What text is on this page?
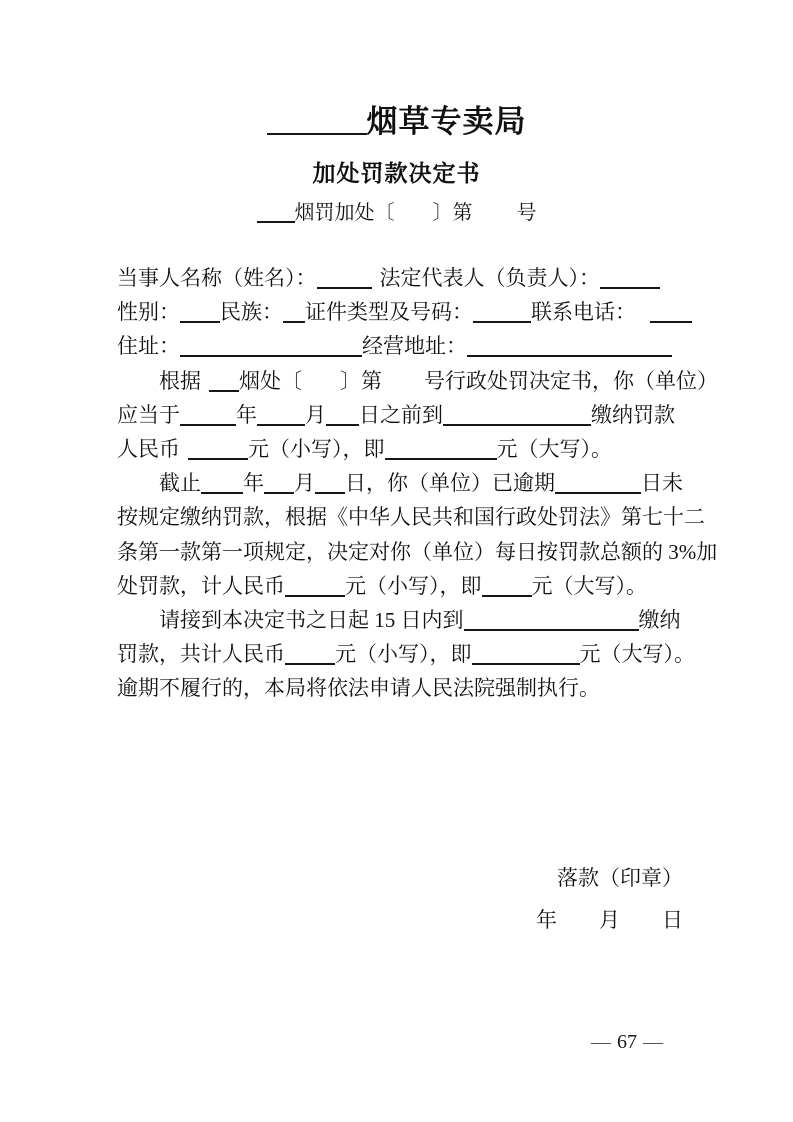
烟草专卖局
加处罚款决定书
烟罚加处〔 〕第 号
当事人名称（姓名）：	法定代表人（负责人）：
性别： 民族： 证件类型及号码：	联系电话：
住址：	经营地址：
根据 烟处〔 〕第 号行政处罚决定书，你（单位）
应当于	年 月 日之前到	缴纳罚款
人民币	元（小写），即	元（大写）。
截止 年 月 日，你（单位）已逾期	日未
按规定缴纳罚款，根据《中华人民共和国行政处罚法》第七十二
条第一款第一项规定，决定对你（单位）每日按罚款总额的 3%加
处罚款，计人民币	元（小写），即 元（大写）。
请接到本决定书之日起 15 日内到	缴纳
罚款，共计人民币 元（小写），即	元（大写）。
逾期不履行的，本局将依法申请人民法院强制执行。
落款（印章）
年　　月　　日
— 67 —
